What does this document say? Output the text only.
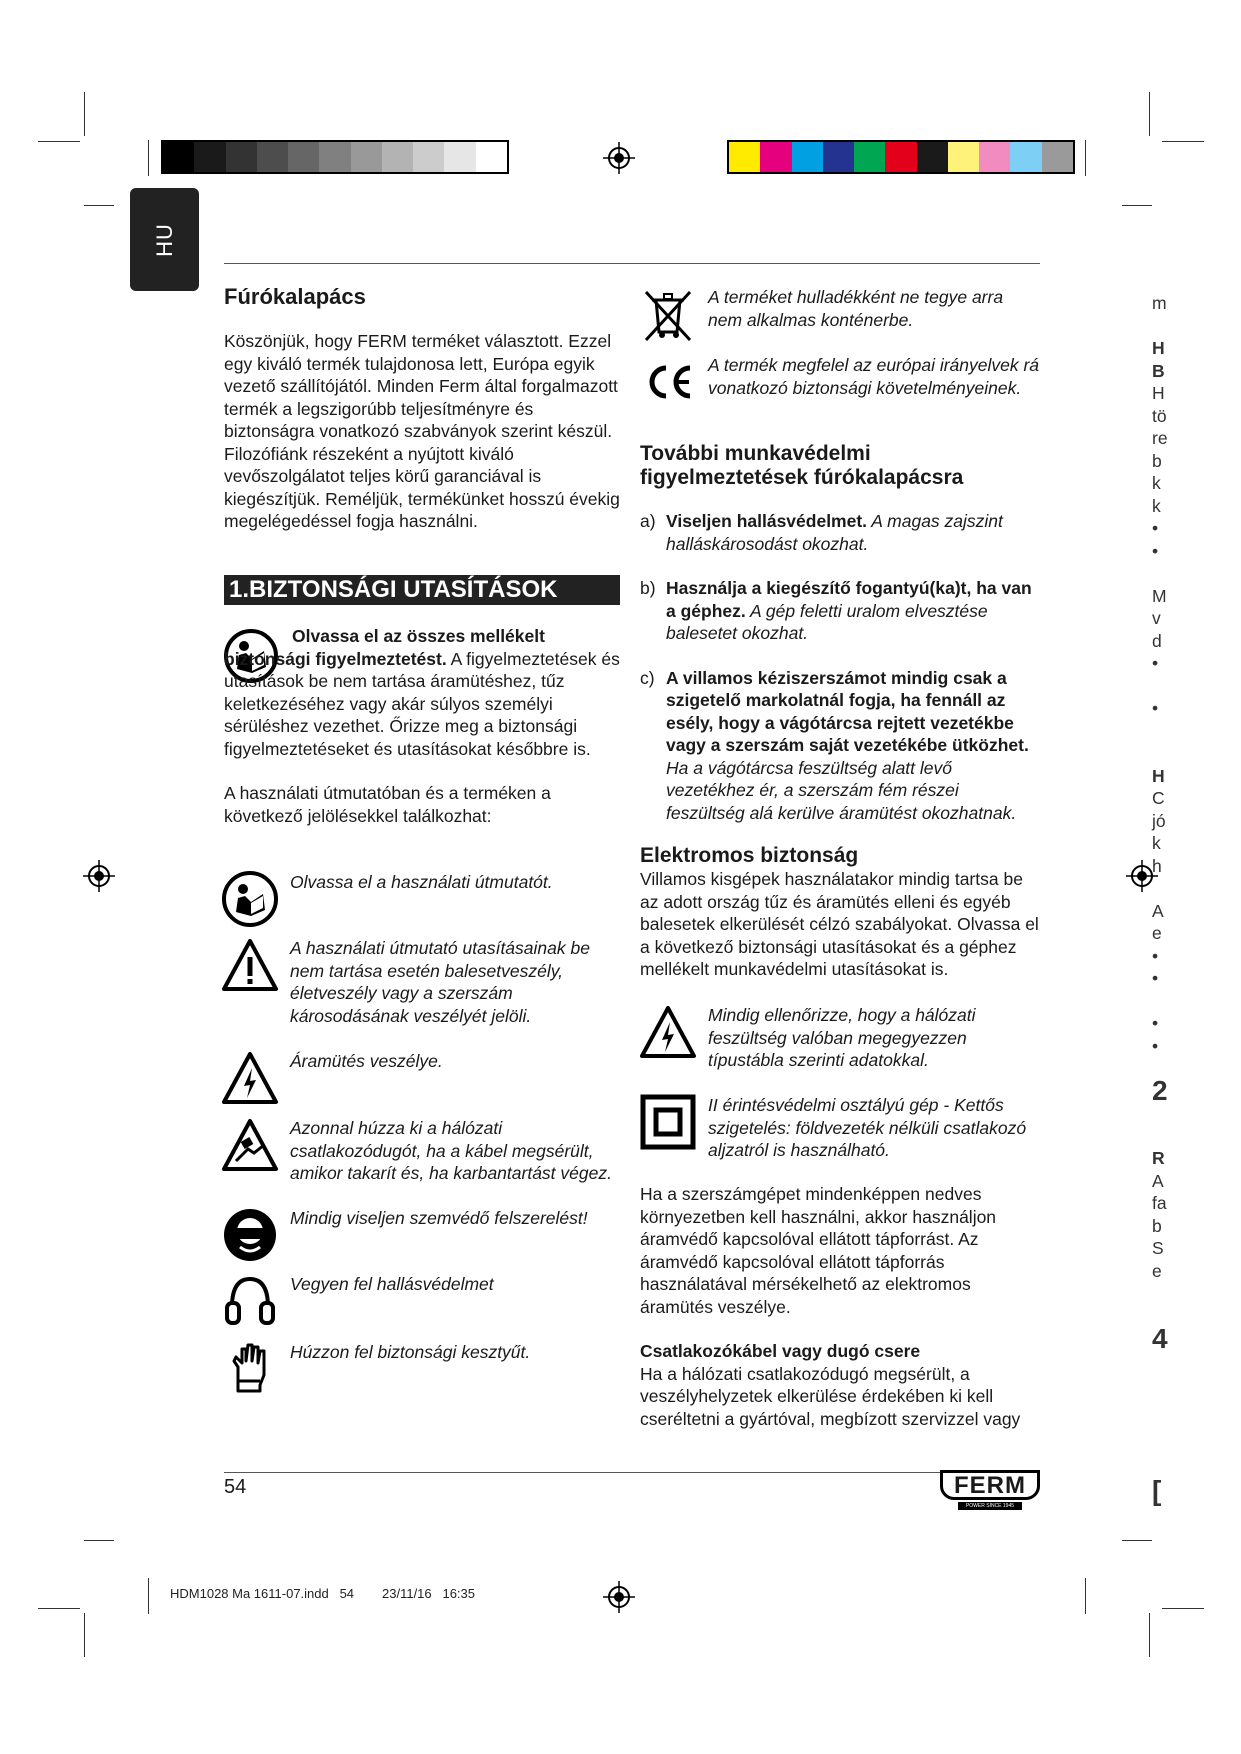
HU

Fúrókalapács

Köszönjük, hogy FERM terméket választott. Ezzel egy kiváló termék tulajdonosa lett, Európa egyik vezető szállítójától. Minden Ferm által forgalmazott termék a legszigorúbb teljesítményre és biztonságra vonatkozó szabványok szerint készül. Filozófiánk részeként a nyújtott kiváló vevőszolgálatot teljes körű garanciával is kiegészítjük. Reméljük, termékünket hosszú évekig megelégedéssel fogja használni.

1.BIZTONSÁGI UTASÍTÁSOK

Olvassa el az összes mellékelt biztonsági figyelmeztetést. A figyelmeztetések és utasítások be nem tartása áramütéshez, tűz keletkezéséhez vagy akár súlyos személyi sérüléshez vezethet. Őrizze meg a biztonsági figyelmeztetéseket és utasításokat későbbre is.

A használati útmutatóban és a terméken a következő jelölésekkel találkozhat:

Olvassa el a használati útmutatót.
A használati útmutató utasításainak be nem tartása esetén balesetveszély, életveszély vagy a szerszám károsodásának veszélyét jelöli.
Áramütés veszélye.
Azonnal húzza ki a hálózati csatlakozódugót, ha a kábel megsérült, amikor takarít és, ha karbantartást végez.
Mindig viseljen szemvédő felszerelést!
Vegyen fel hallásvédelmet
Húzzon fel biztonsági kesztyűt.
A terméket hulladékként ne tegye arra nem alkalmas konténerbe.
A termék megfelel az európai irányelvek rá vonatkozó biztonsági követelményeinek.

További munkavédelmi figyelmeztetések fúrókalapácsra

a) Viseljen hallásvédelmet. A magas zajszint halláskárosodást okozhat.

b) Használja a kiegészítő fogantyú(ka)t, ha van a géphez. A gép feletti uralom elvesztése balesetet okozhat.

c) A villamos kéziszerszámot mindig csak a szigetelő markolatnál fogja, ha fennáll az esély, hogy a vágótárcsa rejtett vezetékbe vagy a szerszám saját vezetékébe ütközhet. Ha a vágótárcsa feszültség alatt levő vezetékhez ér, a szerszám fém részei feszültség alá kerülve áramütést okozhatnak.

Elektromos biztonság

Villamos kisgépek használatakor mindig tartsa be az adott ország tűz és áramütés elleni és egyéb balesetek elkerülését célzó szabályokat. Olvassa el a következő biztonsági utasításokat és a géphez mellékelt munkavédelmi utasításokat is.

Mindig ellenőrizze, hogy a hálózati feszültség valóban megegyezzen típustábla szerinti adatokkal.
II érintésvédelmi osztályú gép - Kettős szigetelés: földvezeték nélküli csatlakozó aljzatról is használható.

Ha a szerszámgépet mindenképpen nedves környezetben kell használni, akkor használjon áramvédő kapcsolóval ellátott tápforrást. Az áramvédő kapcsolóval ellátott tápforrás használatával mérsékelhető az elektromos áramütés veszélye.

Csatlakozókábel vagy dugó csere

Ha a hálózati csatlakozódugó megsérült, a veszélyhelyzetek elkerülése érdekében ki kell cseréltetni a gyártóval, megbízott szervizzel vagy

m
H
B
H
tö
re
b
k
k
•
•
M
v
d
•
•
H
C
jó
k
h
A
e
•
•
•
•
2
R
A
fa
b
S
e
4
[
54	FERM
POWER SINCE 1945
HDM1028 Ma 1611-07.indd   54 23/11/16   16:35
